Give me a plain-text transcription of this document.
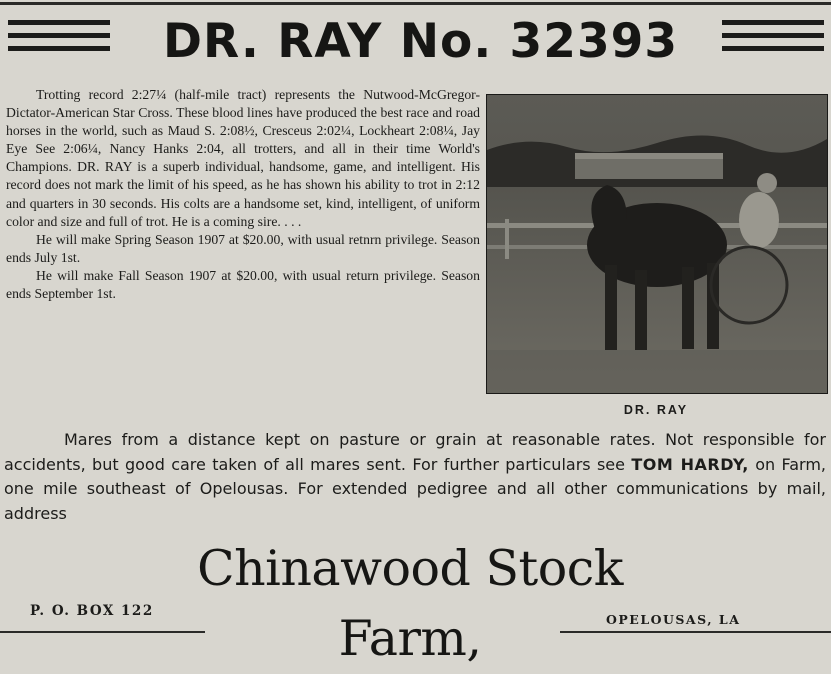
DR. RAY No. 32393

Trotting record 2:27¼ (half-mile tract) represents the Nutwood-McGregor-Dictator-American Star Cross. These blood lines have produced the best race and road horses in the world, such as Maud S. 2:08½, Cresceus 2:02¼, Lockheart 2:08¼, Jay Eye See 2:06¼, Nancy Hanks 2:04, all trotters, and all in their time World's Champions. DR. RAY is a superb individual, handsome, game, and intelligent. His record does not mark the limit of his speed, as he has shown his ability to trot in 2:12 and quarters in 30 seconds. His colts are a handsome set, kind, intelligent, of uniform color and size and full of trot. He is a coming sire. . . .

He will make Spring Season 1907 at $20.00, with usual retnrn privilege. Season ends July 1st.

He will make Fall Season 1907 at $20.00, with usual return privilege. Season ends September 1st.

DR. RAY

Mares from a distance kept on pasture or grain at reasonable rates. Not responsible for accidents, but good care taken of all mares sent. For further particulars see TOM HARDY, on Farm, one mile southeast of Opelousas. For extended pedigree and all other communications by mail, address

Chinawood Stock Farm,
P. O. BOX 122
OPELOUSAS, LA
